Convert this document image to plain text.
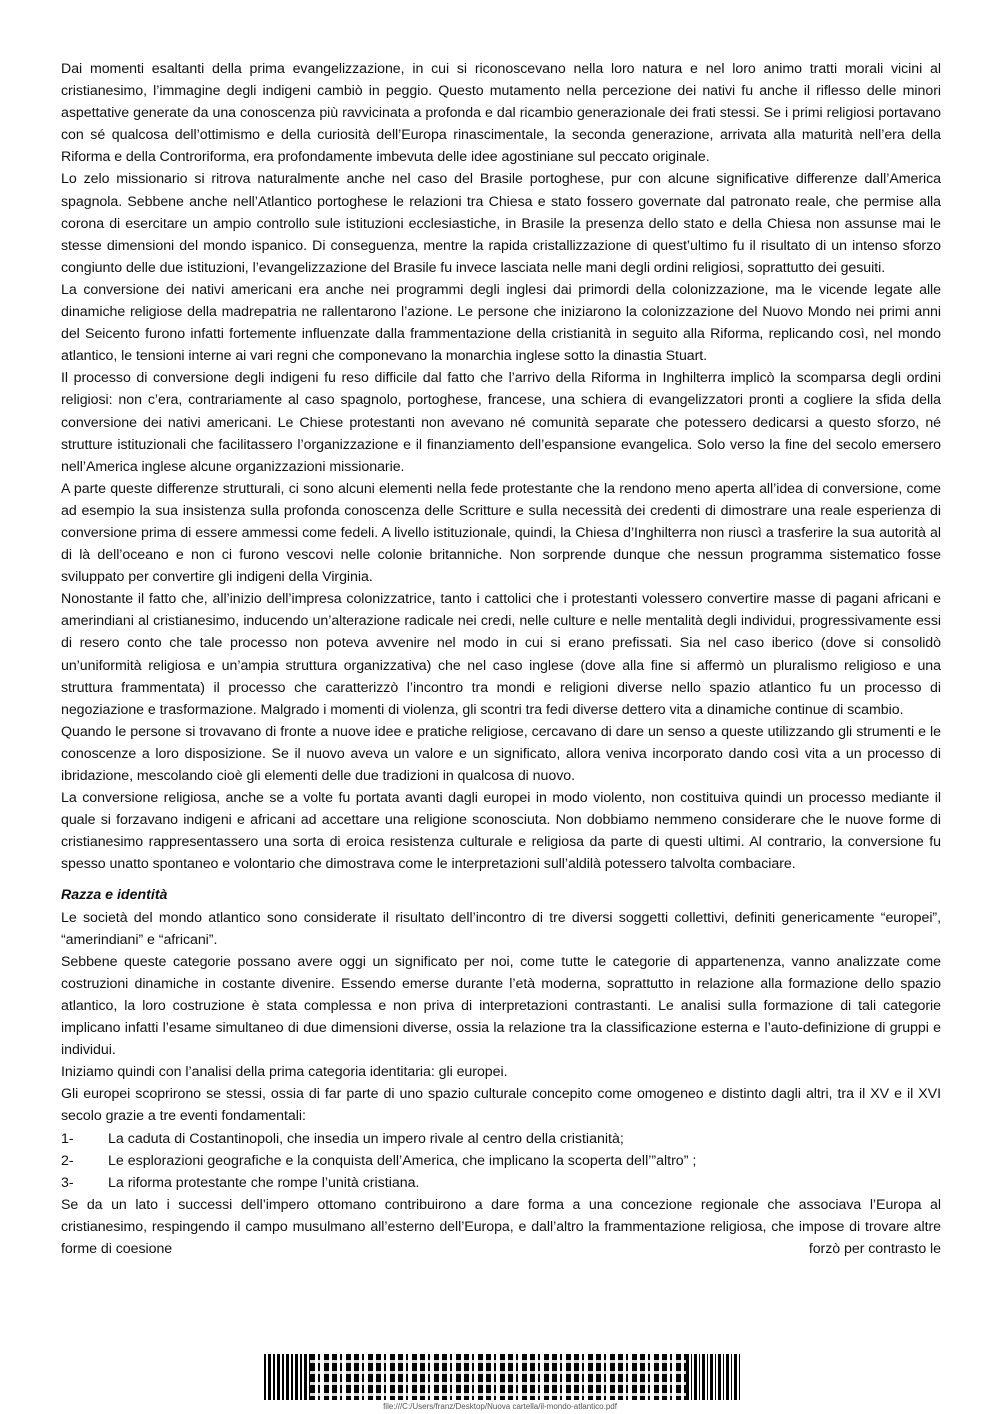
Dai momenti esaltanti della prima evangelizzazione, in cui si riconoscevano nella loro natura e nel loro animo tratti morali vicini al cristianesimo, l’immagine degli indigeni cambiò in peggio. Questo mutamento nella percezione dei nativi fu anche il riflesso delle minori aspettative generate da una conoscenza più ravvicinata a profonda e dal ricambio generazionale dei frati stessi. Se i primi religiosi portavano con sé qualcosa dell’ottimismo e della curiosità dell’Europa rinascimentale, la seconda generazione, arrivata alla maturità nell’era della Riforma e della Controriforma, era profondamente imbevuta delle idee agostiniane sul peccato originale.

Lo zelo missionario si ritrova naturalmente anche nel caso del Brasile portoghese, pur con alcune significative differenze dall’America spagnola. Sebbene anche nell’Atlantico portoghese le relazioni tra Chiesa e stato fossero governate dal patronato reale, che permise alla corona di esercitare un ampio controllo sule istituzioni ecclesiastiche, in Brasile la presenza dello stato e della Chiesa non assunse mai le stesse dimensioni del mondo ispanico. Di conseguenza, mentre la rapida cristallizzazione di quest’ultimo fu il risultato di un intenso sforzo congiunto delle due istituzioni, l’evangelizzazione del Brasile fu invece lasciata nelle mani degli ordini religiosi, soprattutto dei gesuiti.

La conversione dei nativi americani era anche nei programmi degli inglesi dai primordi della colonizzazione, ma le vicende legate alle dinamiche religiose della madrepatria ne rallentarono l’azione. Le persone che iniziarono la colonizzazione del Nuovo Mondo nei primi anni del Seicento furono infatti fortemente influenzate dalla frammentazione della cristianità in seguito alla Riforma, replicando così, nel mondo atlantico, le tensioni interne ai vari regni che componevano la monarchia inglese sotto la dinastia Stuart.

Il processo di conversione degli indigeni fu reso difficile dal fatto che l’arrivo della Riforma in Inghilterra implicò la scomparsa degli ordini religiosi: non c’era, contrariamente al caso spagnolo, portoghese, francese, una schiera di evangelizzatori pronti a cogliere la sfida della conversione dei nativi americani. Le Chiese protestanti non avevano né comunità separate che potessero dedicarsi a questo sforzo, né strutture istituzionali che facilitassero l’organizzazione e il finanziamento dell’espansione evangelica. Solo verso la fine del secolo emersero nell’America inglese alcune organizzazioni missionarie.

A parte queste differenze strutturali, ci sono alcuni elementi nella fede protestante che la rendono meno aperta all’idea di conversione, come ad esempio la sua insistenza sulla profonda conoscenza delle Scritture e sulla necessità dei credenti di dimostrare una reale esperienza di conversione prima di essere ammessi come fedeli. A livello istituzionale, quindi, la Chiesa d’Inghilterra non riuscì a trasferire la sua autorità al di là dell’oceano e non ci furono vescovi nelle colonie britanniche. Non sorprende dunque che nessun programma sistematico fosse sviluppato per convertire gli indigeni della Virginia.

Nonostante il fatto che, all’inizio dell’impresa colonizzatrice, tanto i cattolici che i protestanti volessero convertire masse di pagani africani e amerindiani al cristianesimo, inducendo un’alterazione radicale nei credi, nelle culture e nelle mentalità degli individui, progressivamente essi di resero conto che tale processo non poteva avvenire nel modo in cui si erano prefissati. Sia nel caso iberico (dove si consolidò un’uniformità religiosa e un’ampia struttura organizzativa) che nel caso inglese (dove alla fine si affermò un pluralismo religioso e una struttura frammentata) il processo che caratterizzò l’incontro tra mondi e religioni diverse nello spazio atlantico fu un processo di negoziazione e trasformazione. Malgrado i momenti di violenza, gli scontri tra fedi diverse dettero vita a dinamiche continue di scambio.

Quando le persone si trovavano di fronte a nuove idee e pratiche religiose, cercavano di dare un senso a queste utilizzando gli strumenti e le conoscenze a loro disposizione. Se il nuovo aveva un valore e un significato, allora veniva incorporato dando così vita a un processo di ibridazione, mescolando cioè gli elementi delle due tradizioni in qualcosa di nuovo.

La conversione religiosa, anche se a volte fu portata avanti dagli europei in modo violento, non costituiva quindi un processo mediante il quale si forzavano indigeni e africani ad accettare una religione sconosciuta. Non dobbiamo nemmeno considerare che le nuove forme di cristianesimo rappresentassero una sorta di eroica resistenza culturale e religiosa da parte di questi ultimi. Al contrario, la conversione fu spesso unatto spontaneo e volontario che dimostrava come le interpretazioni sull’aldilà potessero talvolta combaciare.

Razza e identità

Le società del mondo atlantico sono considerate il risultato dell’incontro di tre diversi soggetti collettivi, definiti genericamente “europei”, “amerindiani” e “africani”.

Sebbene queste categorie possano avere oggi un significato per noi, come tutte le categorie di appartenenza, vanno analizzate come costruzioni dinamiche in costante divenire. Essendo emerse durante l’età moderna, soprattutto in relazione alla formazione dello spazio atlantico, la loro costruzione è stata complessa e non priva di interpretazioni contrastanti. Le analisi sulla formazione di tali categorie implicano infatti l’esame simultaneo di due dimensioni diverse, ossia la relazione tra la classificazione esterna e l’auto-definizione di gruppi e individui.

Iniziamo quindi con l’analisi della prima categoria identitaria: gli europei.

Gli europei scoprirono se stessi, ossia di far parte di uno spazio culturale concepito come omogeneo e distinto dagli altri, tra il XV e il XVI secolo grazie a tre eventi fondamentali:

1-	La caduta di Costantinopoli, che insedia un impero rivale al centro della cristianità;
2-	Le esplorazioni geografiche e la conquista dell’America, che implicano la scoperta dell’”altro” ;
3-	La riforma protestante che rompe l’unità cristiana.

Se da un lato i successi dell’impero ottomano contribuirono a dare forma a una concezione regionale che associava l’Europa al cristianesimo, respingendo il campo musulmano all’esterno dell’Europa, e dall’altro la frammentazione religiosa, che impose di trovare altre forme di coesione	forzò per contrasto le

file:///C:/Users/franz/Desktop/Nuova cartella/il-mondo-atlantico.pdf
